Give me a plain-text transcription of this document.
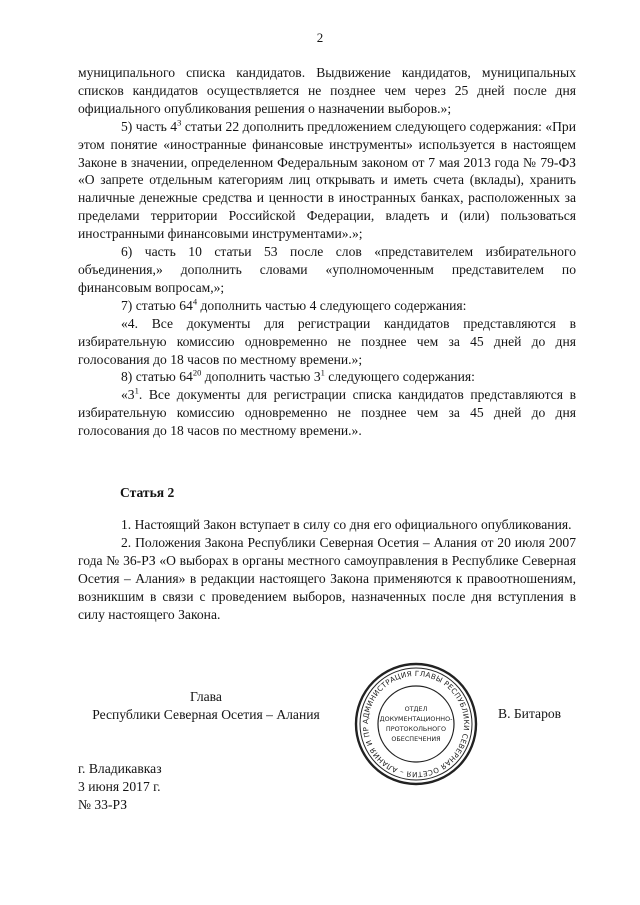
2

муниципального списка кандидатов. Выдвижение кандидатов, муниципальных списков кандидатов осуществляется не позднее чем через 25 дней после дня официального опубликования решения о назначении выборов.»;

5) часть $4^3$ статьи 22 дополнить предложением следующего содержания: «При этом понятие «иностранные финансовые инструменты» используется в настоящем Законе в значении, определенном Федеральным законом от 7 мая 2013 года № 79-ФЗ «О запрете отдельным категориям лиц открывать и иметь счета (вклады), хранить наличные денежные средства и ценности в иностранных банках, расположенных за пределами территории Российской Федерации, владеть и (или) пользоваться иностранными финансовыми инструментами».»;

6) часть 10 статьи 53 после слов «представителем избирательного объединения,» дополнить словами «уполномоченным представителем по финансовым вопросам,»;

7) статью $64^4$ дополнить частью 4 следующего содержания:

«4. Все документы для регистрации кандидатов представляются в избирательную комиссию одновременно не позднее чем за 45 дней до дня голосования до 18 часов по местному времени.»;

8) статью $64^{20}$ дополнить частью $3^1$ следующего содержания:

«$3^1$. Все документы для регистрации списка кандидатов представляются в избирательную комиссию одновременно не позднее чем за 45 дней до дня голосования до 18 часов по местному времени.».

Статья 2

1. Настоящий Закон вступает в силу со дня его официального опубликования.

2. Положения Закона Республики Северная Осетия – Алания от 20 июля 2007 года № 36-РЗ «О выборах в органы местного самоуправления в Республике Северная Осетия – Алания» в редакции настоящего Закона применяются к правоотношениям, возникшим в связи с проведением выборов, назначенных после дня вступления в силу настоящего Закона.

Глава
Республики Северная Осетия – Алания	АДМИНИСТРАЦИЯ ГЛАВЫ РЕСПУБЛИКИ СЕВЕРНАЯ ОСЕТИЯ – АЛАНИЯ И ПР
ОТДЕЛ
ДОКУМЕНТАЦИОННО-
ПРОТОКОЛЬНОГО
ОБЕСПЕЧЕНИЯ
В. Битаров
г. Владикавказ
3 июня 2017 г.
№ 33-РЗ
